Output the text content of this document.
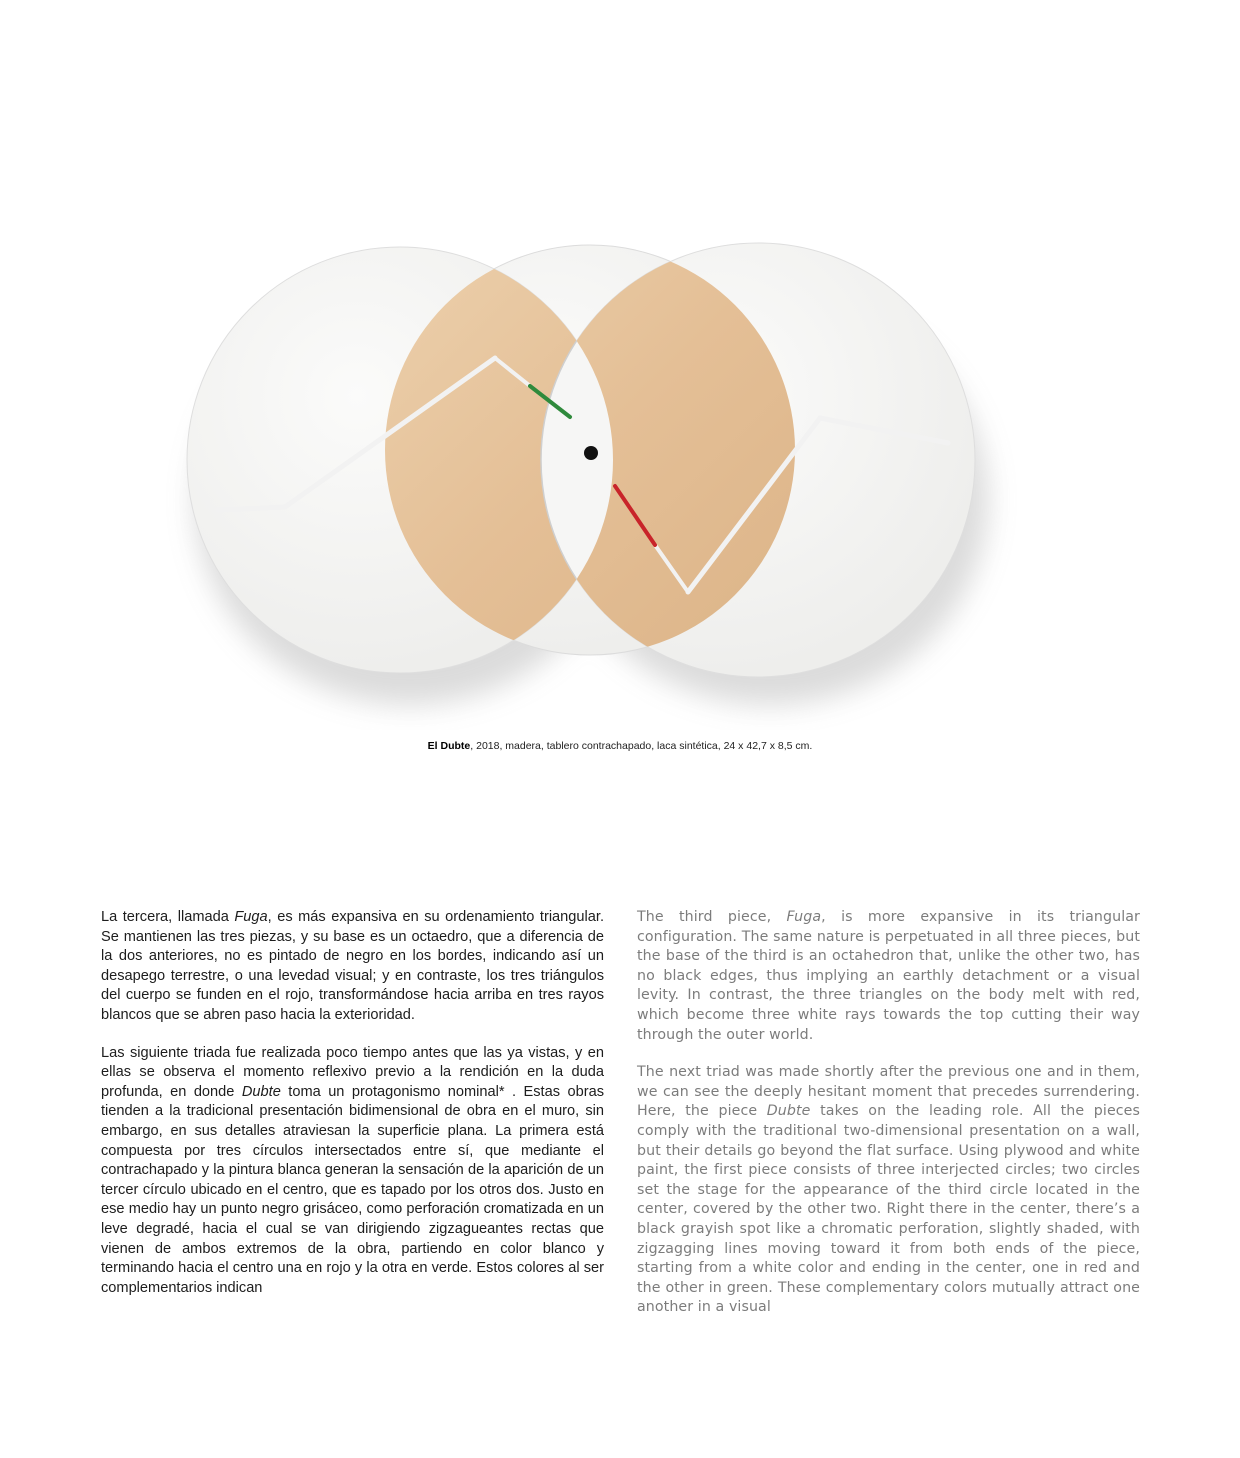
El Dubte, 2018, madera, tablero contrachapado, laca sintética, 24 x 42,7 x 8,5 cm.

La tercera, llamada Fuga, es más expansiva en su ordenamiento triangular. Se mantienen las tres piezas, y su base es un octaedro, que a diferencia de la dos anteriores, no es pintado de negro en los bordes, indicando así un desapego terrestre, o una levedad visual; y en contraste, los tres triángulos del cuerpo se funden en el rojo, transformándose hacia arriba en tres rayos blancos que se abren paso hacia la exterioridad.

Las siguiente triada fue realizada poco tiempo antes que las ya vistas, y en ellas se observa el momento reflexivo previo a la rendición en la duda profunda, en donde Dubte toma un protagonismo nominal* . Estas obras tienden a la tradicional presentación bidimensional de obra en el muro, sin embargo, en sus detalles atraviesan la superficie plana. La primera está compuesta por tres círculos intersectados entre sí, que mediante el contrachapado y la pintura blanca generan la sensación de la aparición de un tercer círculo ubicado en el centro, que es tapado por los otros dos. Justo en ese medio hay un punto negro grisáceo, como perforación cromatizada en un leve degradé, hacia el cual se van dirigiendo zigzagueantes rectas que vienen de ambos extremos de la obra, partiendo en color blanco y terminando hacia el centro una en rojo y la otra en verde. Estos colores al ser complementarios indican

The third piece, Fuga, is more expansive in its triangular configuration. The same nature is perpetuated in all three pieces, but the base of the third is an octahedron that, unlike the other two, has no black edges, thus implying an earthly detachment or a visual levity. In contrast, the three triangles on the body melt with red, which become three white rays towards the top cutting their way through the outer world.

The next triad was made shortly after the previous one and in them, we can see the deeply hesitant moment that precedes surrendering. Here, the piece Dubte takes on the leading role. All the pieces comply with the traditional two-dimensional presentation on a wall, but their details go beyond the flat surface. Using plywood and white paint, the first piece consists of three interjected circles; two circles set the stage for the appearance of the third circle located in the center, covered by the other two. Right there in the center, there’s a black grayish spot like a chromatic perforation, slightly shaded, with zigzagging lines moving toward it from both ends of the piece, starting from a white color and ending in the center, one in red and the other in green. These complementary colors mutually attract one another in a visual
